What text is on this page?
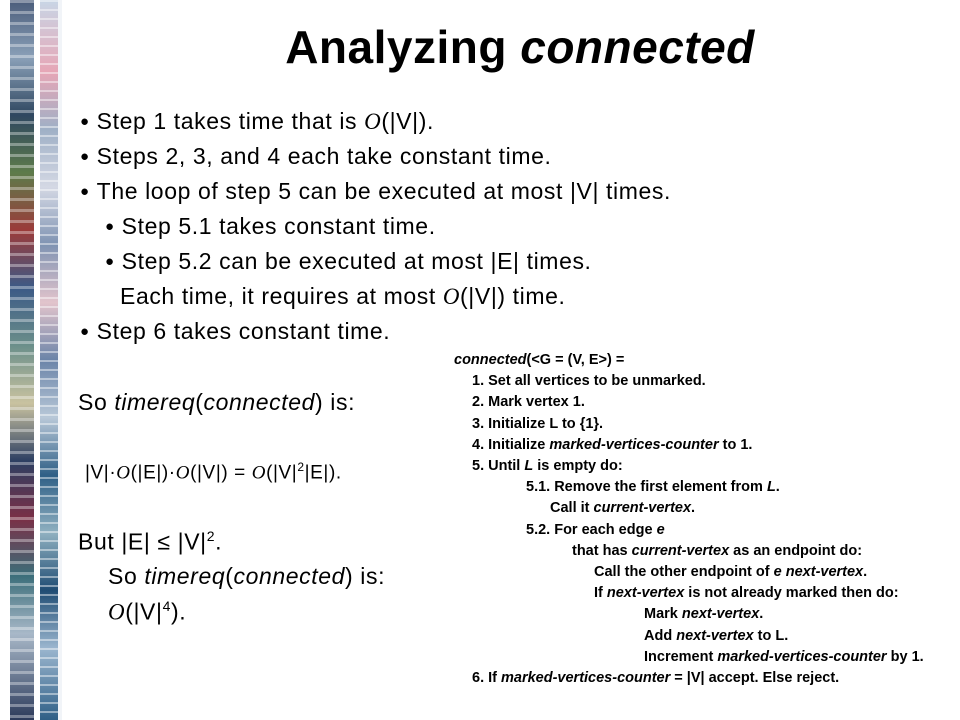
Analyzing connected
● Step 1 takes time that is O(|V|).
● Steps 2, 3, and 4 each take constant time.
● The loop of step 5 can be executed at most |V| times.
● Step 5.1 takes constant time.
● Step 5.2 can be executed at most |E| times.
Each time, it requires at most O(|V|) time.
● Step 6 takes constant time.
So timereq(connected) is:
$|V|\cdot O(|E|)\cdot O(|V|) = O(|V|^2|E|)$.
But $|E| \le |V|^2$.
So timereq(connected) is:
$O(|V|^4)$.
connected(<G = (V, E>) =
1. Set all vertices to be unmarked.
2. Mark vertex 1.
3. Initialize L to {1}.
4. Initialize marked-vertices-counter to 1.
5. Until L is empty do:
5.1. Remove the first element from L.
Call it current-vertex.
5.2. For each edge e
that has current-vertex as an endpoint do:
Call the other endpoint of e next-vertex.
If next-vertex is not already marked then do:
Mark next-vertex.
Add next-vertex to L.
Increment marked-vertices-counter by 1.
6. If marked-vertices-counter = |V| accept. Else reject.
